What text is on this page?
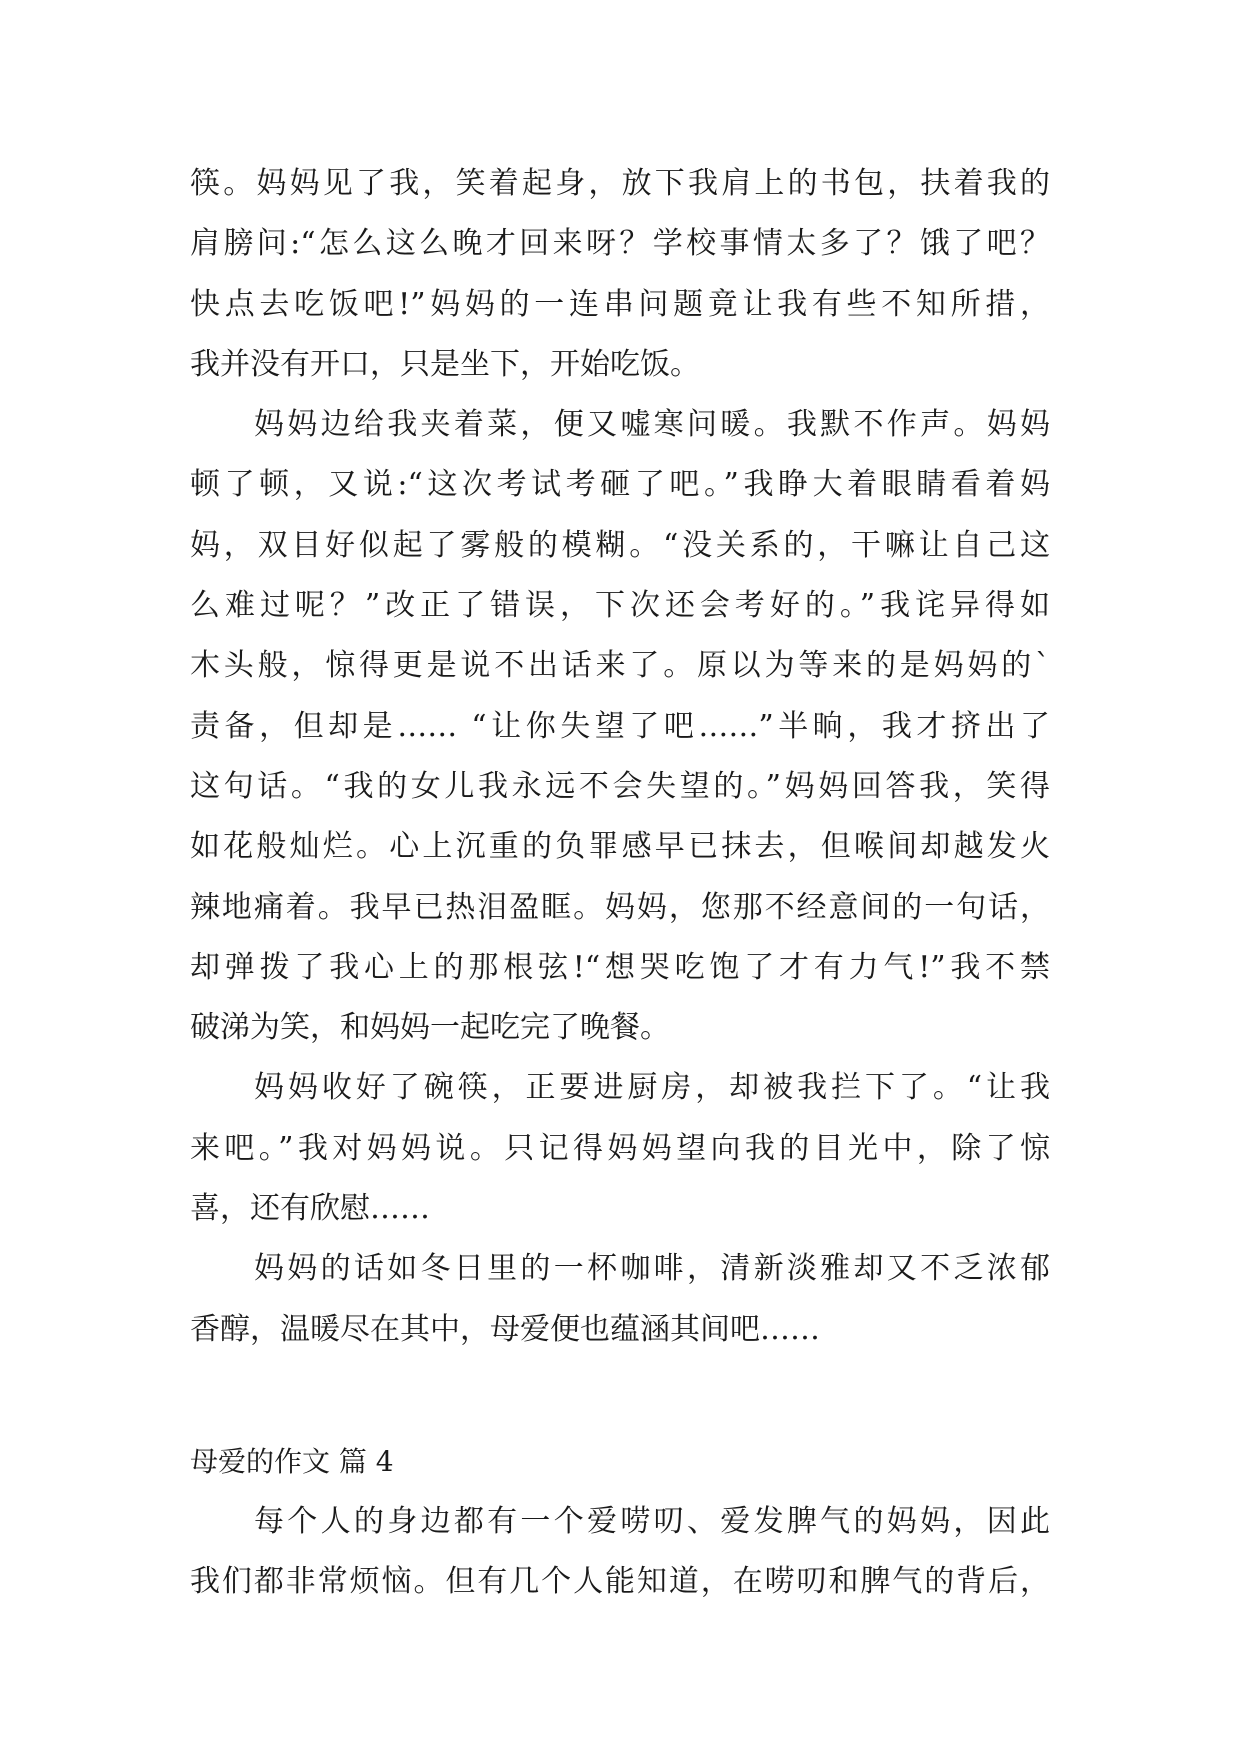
筷。妈妈见了我，笑着起身，放下我肩上的书包，扶着我的
肩膀问:“怎么这么晚才回来呀？学校事情太多了？饿了吧？
快点去吃饭吧!”妈妈的一连串问题竟让我有些不知所措，
我并没有开口，只是坐下，开始吃饭。
妈妈边给我夹着菜，便又嘘寒问暖。我默不作声。妈妈
顿了顿，又说:“这次考试考砸了吧。”我睁大着眼睛看着妈
妈，双目好似起了雾般的模糊。“没关系的，干嘛让自己这
么难过呢？”改正了错误，下次还会考好的。”我诧异得如
木头般，惊得更是说不出话来了。原以为等来的是妈妈的`
责备，但却是…… “让你失望了吧……”半晌，我才挤出了
这句话。“我的女儿我永远不会失望的。”妈妈回答我，笑得
如花般灿烂。心上沉重的负罪感早已抹去，但喉间却越发火
辣地痛着。我早已热泪盈眶。妈妈，您那不经意间的一句话，
却弹拨了我心上的那根弦!“想哭吃饱了才有力气!”我不禁
破涕为笑，和妈妈一起吃完了晚餐。
妈妈收好了碗筷，正要进厨房，却被我拦下了。“让我
来吧。”我对妈妈说。只记得妈妈望向我的目光中，除了惊
喜，还有欣慰……
妈妈的话如冬日里的一杯咖啡，清新淡雅却又不乏浓郁
香醇，温暖尽在其中，母爱便也蕴涵其间吧……
母爱的作文 篇 4
每个人的身边都有一个爱唠叨、爱发脾气的妈妈，因此
我们都非常烦恼。但有几个人能知道，在唠叨和脾气的背后，
